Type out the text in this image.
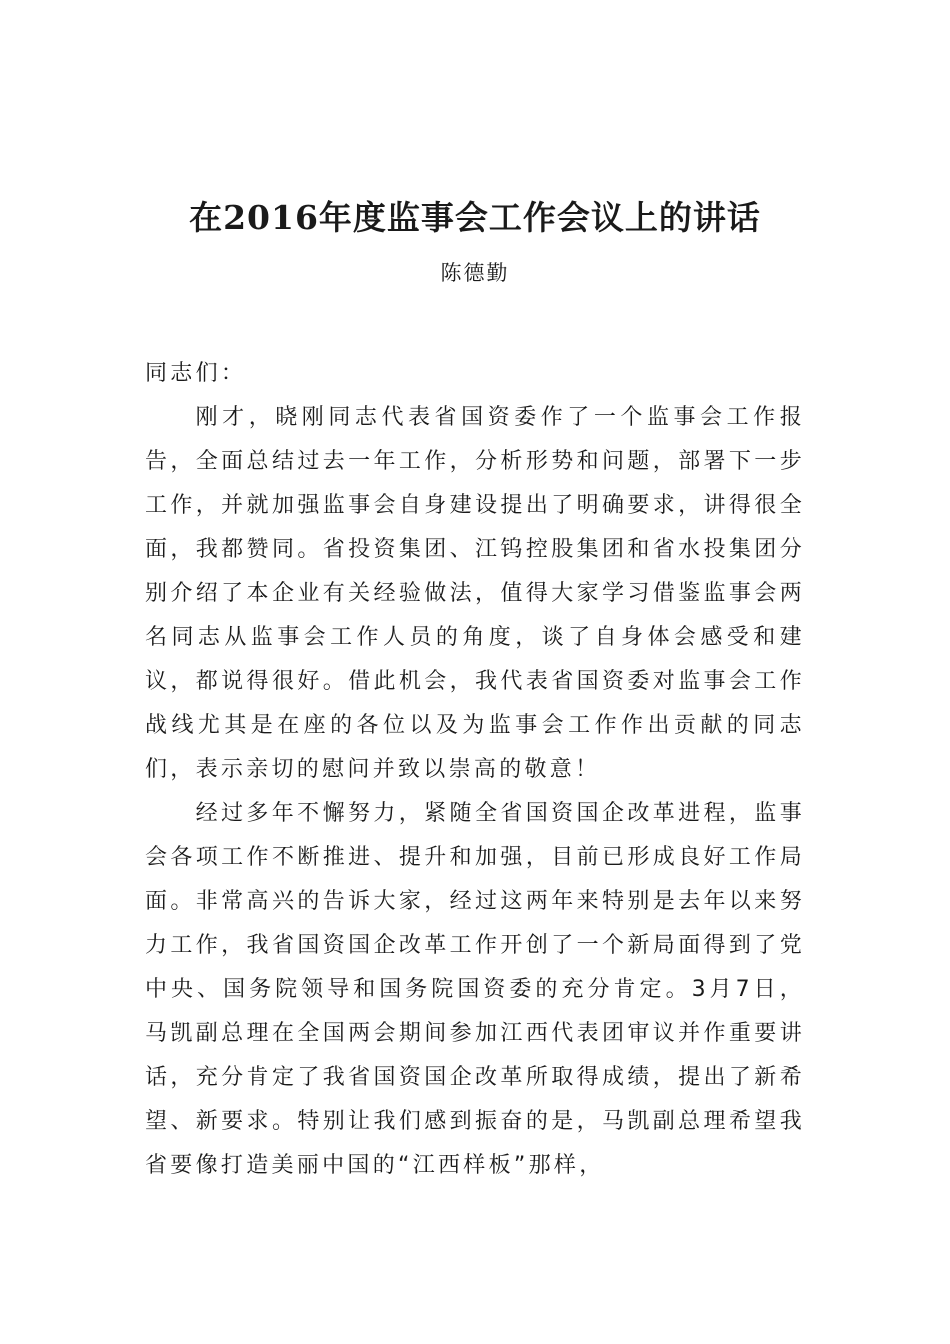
在2016年度监事会工作会议上的讲话
陈德勤

同志们：

刚才，晓刚同志代表省国资委作了一个监事会工作报告，全面总结过去一年工作，分析形势和问题，部署下一步工作，并就加强监事会自身建设提出了明确要求，讲得很全面，我都赞同。省投资集团、江钨控股集团和省水投集团分别介绍了本企业有关经验做法，值得大家学习借鉴监事会两名同志从监事会工作人员的角度，谈了自身体会感受和建议，都说得很好。借此机会，我代表省国资委对监事会工作战线尤其是在座的各位以及为监事会工作作出贡献的同志们，表示亲切的慰问并致以崇高的敬意！

经过多年不懈努力，紧随全省国资国企改革进程，监事会各项工作不断推进、提升和加强，目前已形成良好工作局面。非常高兴的告诉大家，经过这两年来特别是去年以来努力工作，我省国资国企改革工作开创了一个新局面得到了党中央、国务院领导和国务院国资委的充分肯定。3月7日，马凯副总理在全国两会期间参加江西代表团审议并作重要讲话，充分肯定了我省国资国企改革所取得成绩，提出了新希望、新要求。特别让我们感到振奋的是，马凯副总理希望我省要像打造美丽中国的“江西样板”那样，
